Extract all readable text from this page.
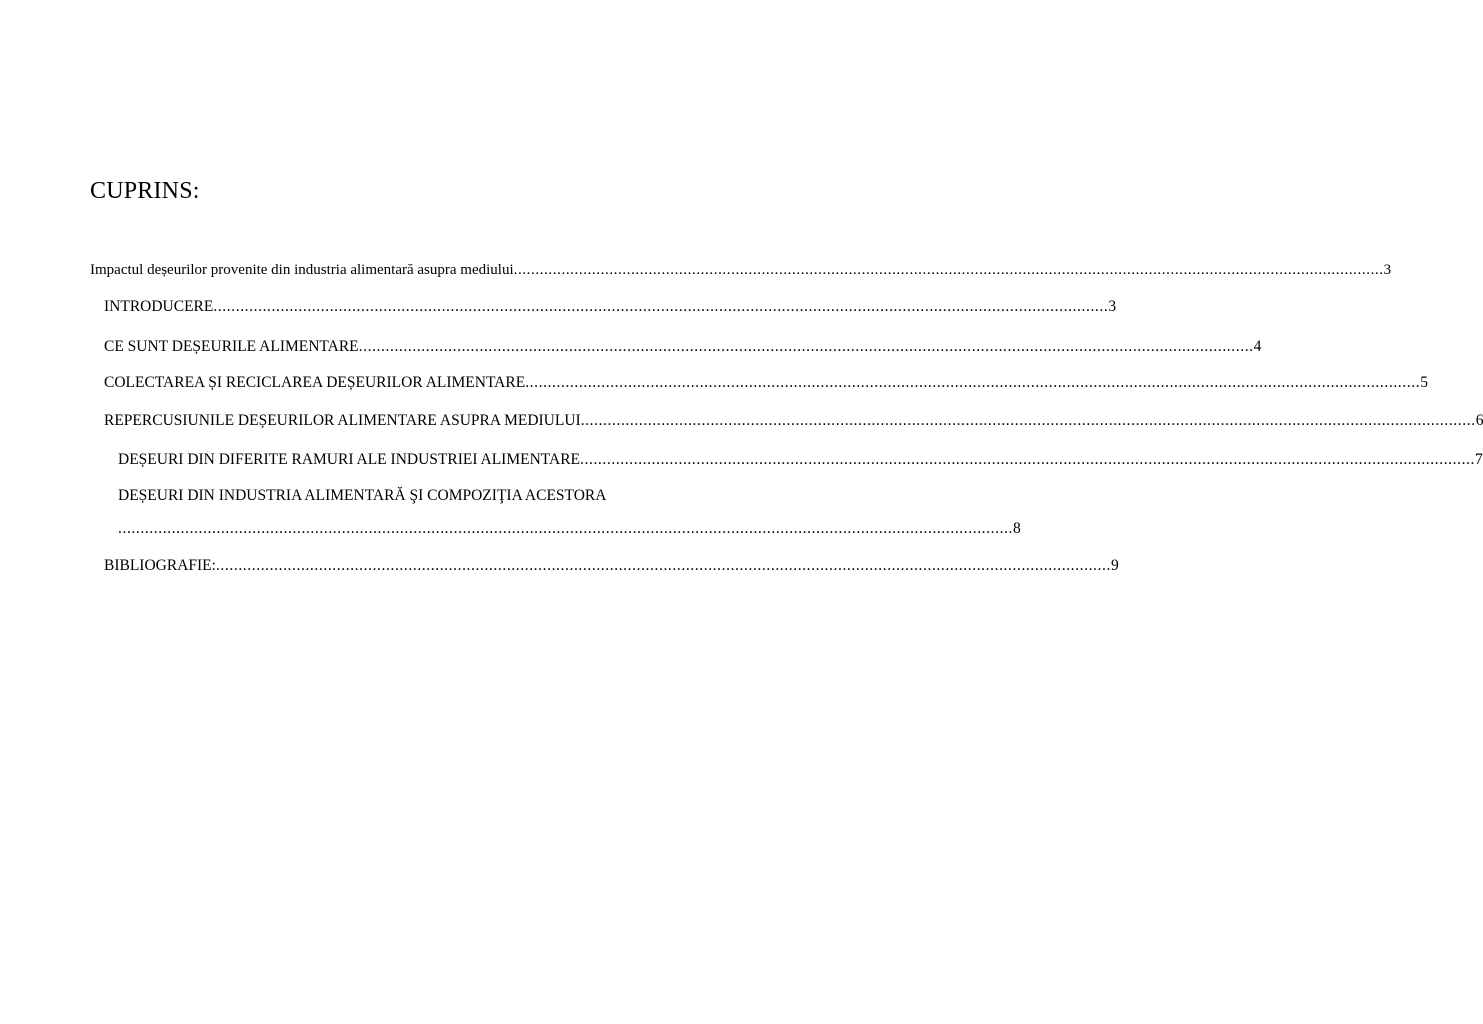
CUPRINS:
Impactul deșeurilor provenite din industria alimentară asupra mediului ........................................................................................................................................................................................................ 3
INTRODUCERE ........................................................................................................................................................................................................ 3
CE SUNT DEȘEURILE ALIMENTARE ........................................................................................................................................................................................................ 4
COLECTAREA ȘI RECICLAREA DEȘEURILOR ALIMENTARE ........................................................................................................................................................................................................ 5
REPERCUSIUNILE DEȘEURILOR ALIMENTARE ASUPRA MEDIULUI ........................................................................................................................................................................................................ 6
DEȘEURI DIN DIFERITE RAMURI ALE INDUSTRIEI ALIMENTARE ........................................................................................................................................................................................................ 7
DEȘEURI DIN INDUSTRIA ALIMENTARĂ ŞI COMPOZIŢIA ACESTORA
........................................................................................................................................................................................................ 8
BIBLIOGRAFIE: ........................................................................................................................................................................................................ 9
